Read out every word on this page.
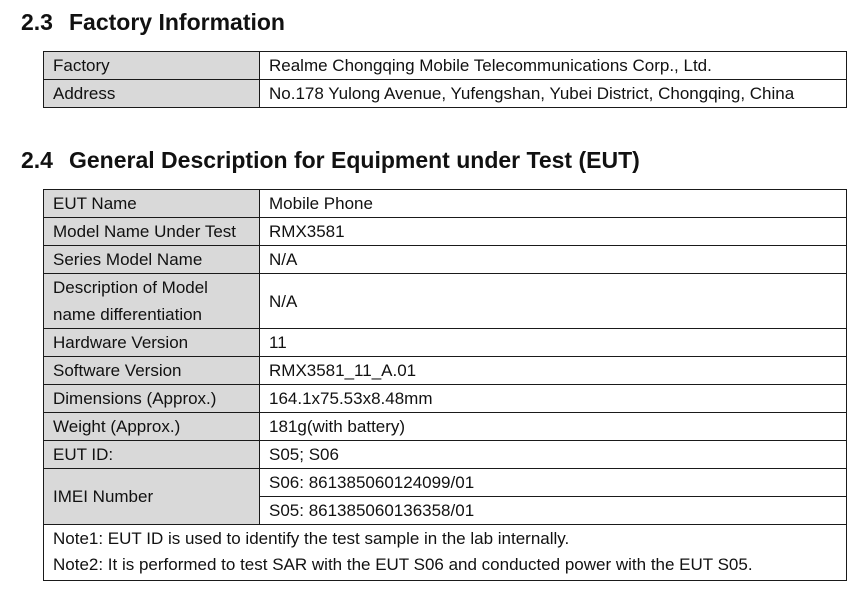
2.3 Factory Information
Factory	Realme Chongqing Mobile Telecommunications Corp., Ltd.
Address	No.178 Yulong Avenue, Yufengshan, Yubei District, Chongqing, China
2.4 General Description for Equipment under Test (EUT)
EUT Name	Mobile Phone
Model Name Under Test	RMX3581
Series Model Name	N/A
Description of Model name differentiation	N/A
Hardware Version	11
Software Version	RMX3581_11_A.01
Dimensions (Approx.)	164.1x75.53x8.48mm
Weight (Approx.)	181g(with battery)
EUT ID:	S05; S06
IMEI Number	S06: 861385060124099/01
	S05: 861385060136358/01

Note1: EUT ID is used to identify the test sample in the lab internally.
Note2: It is performed to test SAR with the EUT S06 and conducted power with the EUT S05.	
